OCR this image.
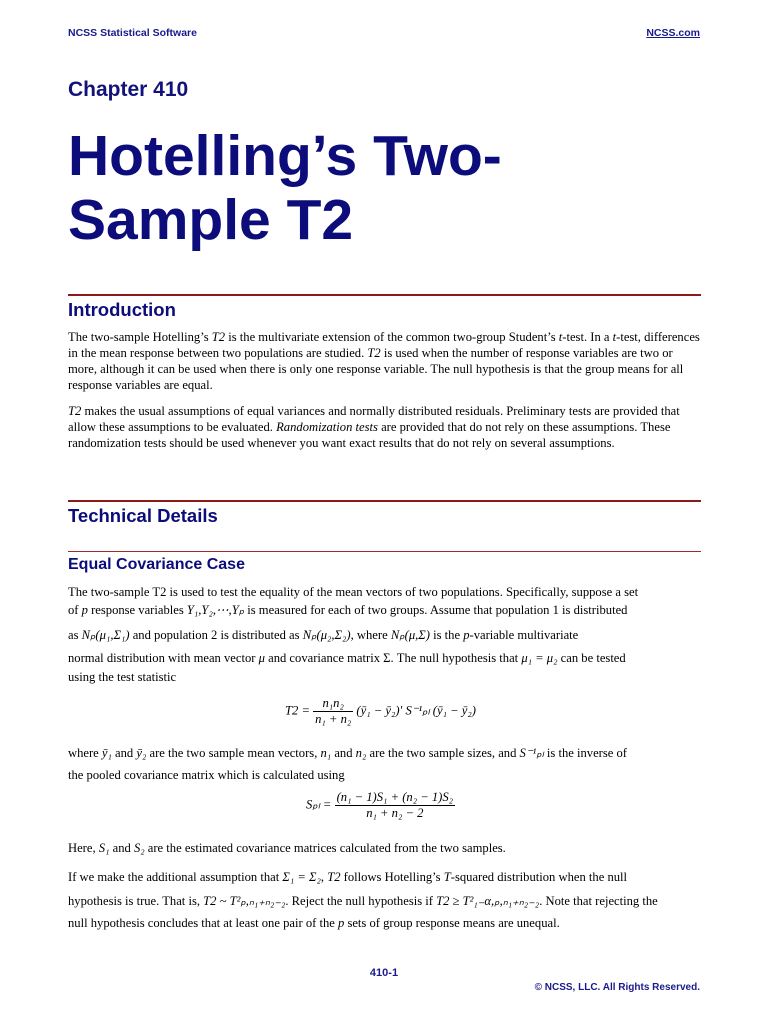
NCSS Statistical Software	NCSS.com
Chapter 410
Hotelling’s Two-
Sample T2
Introduction
The two-sample Hotelling’s T2 is the multivariate extension of the common two-group Student’s t-test. In a t-test, differences in the mean response between two populations are studied. T2 is used when the number of response variables are two or more, although it can be used when there is only one response variable. The null hypothesis is that the group means for all response variables are equal.
T2 makes the usual assumptions of equal variances and normally distributed residuals. Preliminary tests are provided that allow these assumptions to be evaluated. Randomization tests are provided that do not rely on these assumptions. These randomization tests should be used whenever you want exact results that do not rely on several assumptions.
Technical Details
Equal Covariance Case
The two-sample T2 is used to test the equality of the mean vectors of two populations. Specifically, suppose a set
of p response variables Y₁,Y₂,⋯,Yₚ is measured for each of two groups. Assume that population 1 is distributed
as Nₚ(μ₁,Σ₁) and population 2 is distributed as Nₚ(μ₂,Σ₂), where Nₚ(μ,Σ) is the p-variable multivariate
normal distribution with mean vector μ and covariance matrix Σ. The null hypothesis that μ₁ = μ₂ can be tested
using the test statistic
$T2 = \frac{\text{n₁n₂}}{\text{n₁ + n₂}}$ (ȳ₁ − ȳ₂)′ S⁻¹ₚₗ (ȳ₁ − ȳ₂)
where ȳ₁ and ȳ₂ are the two sample mean vectors, n₁ and n₂ are the two sample sizes, and S⁻¹ₚₗ is the inverse of
the pooled covariance matrix which is calculated using
$S_{pl} = \frac{\text{(n₁ − 1)S₁ + (n₂ − 1)S₂}}{\text{n₁ + n₂ − 2}}$
Here, S₁ and S₂ are the estimated covariance matrices calculated from the two samples.
If we make the additional assumption that Σ₁ = Σ₂, T2 follows Hotelling’s T-squared distribution when the null
hypothesis is true. That is, T2 ~ T²ₚ,ₙ₁₊ₙ₂₋₂. Reject the null hypothesis if T2 ≥ T²₁₋α,ₚ,ₙ₁₊ₙ₂₋₂. Note that rejecting the
null hypothesis concludes that at least one pair of the p sets of group response means are unequal.
410-1
© NCSS, LLC. All Rights Reserved.
